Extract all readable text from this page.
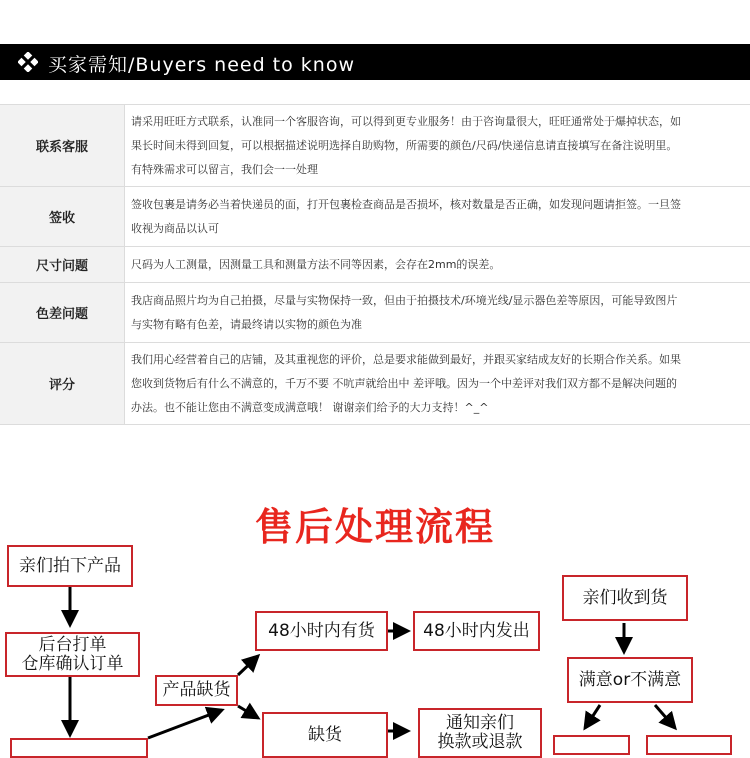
买家需知/Buyers need to know
联系客服	请采用旺旺方式联系，认准同一个客服咨询，可以得到更专业服务！由于咨询量很大，旺旺通常处于爆掉状态，如
果长时间未得到回复，可以根据描述说明选择自助购物，所需要的颜色/尺码/快递信息请直接填写在备注说明里。
有特殊需求可以留言，我们会一一处理

签收	签收包裹是请务必当着快递员的面，打开包裹检查商品是否损坏，核对数量是否正确，如发现问题请拒签。一旦签
收视为商品以认可

尺寸问题	尺码为人工测量，因测量工具和测量方法不同等因素，会存在2mm的误差。

色差问题	我店商品照片均为自己拍摄，尽量与实物保持一致，但由于拍摄技术/环境光线/显示器色差等原因，可能导致图片
与实物有略有色差，请最终请以实物的颜色为准

评分	我们用心经营着自己的店铺，及其重视您的评价，总是要求能做到最好，并跟买家结成友好的长期合作关系。如果
您收到货物后有什么不满意的，千万不要 不吭声就给出中 差评哦。因为一个中差评对我们双方都不是解决问题的
办法。也不能让您由不满意变成满意哦！ 谢谢亲们给予的大力支持！^_^
售后处理流程
亲们拍下产品
后台打单
仓库确认订单
产品缺货
48小时内有货	48小时内发出
缺货
通知亲们
换款或退款
亲们收到货
满意or不满意
